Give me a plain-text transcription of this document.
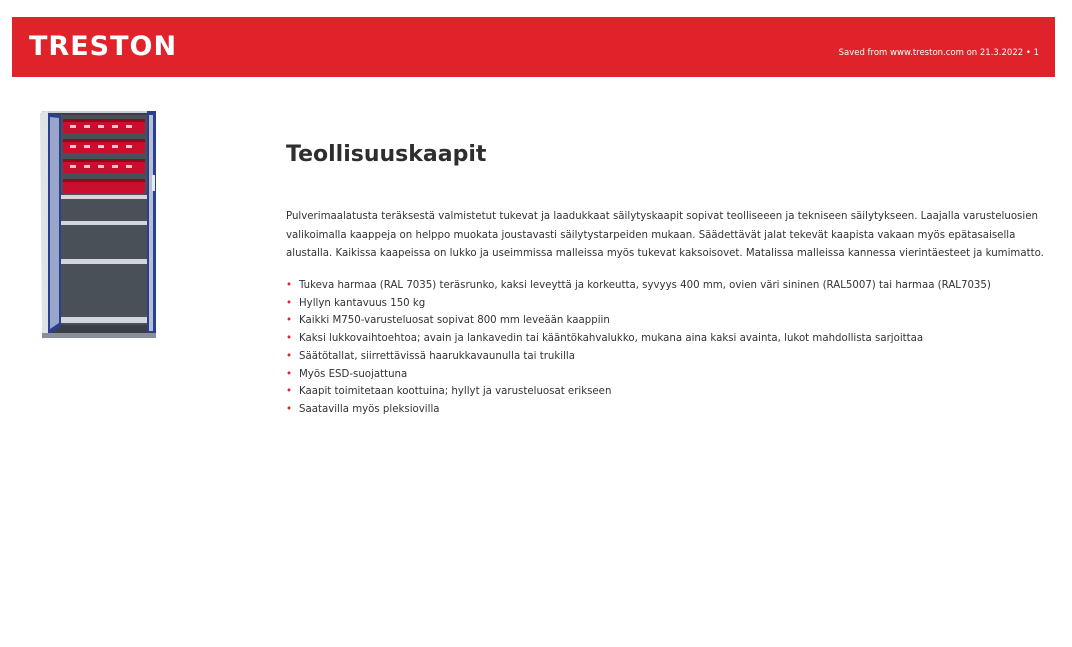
TRESTON	Saved from www.treston.com on 21.3.2022 • 1
Teollisuuskaapit

Pulverimaalatusta teräksestä valmistetut tukevat ja laadukkaat säilytyskaapit sopivat teolliseeen ja tekniseen säilytykseen. Laajalla varusteluosien valikoimalla kaappeja on helppo muokata joustavasti säilytystarpeiden mukaan. Säädettävät jalat tekevät kaapista vakaan myös epätasaisella alustalla. Kaikissa kaapeissa on lukko ja useimmissa malleissa myös tukevat kaksoisovet. Matalissa malleissa kannessa vierintäesteet ja kumimatto.

• Tukeva harmaa (RAL 7035) teräsrunko, kaksi leveyttä ja korkeutta, syvyys 400 mm, ovien väri sininen (RAL5007) tai harmaa (RAL7035)
• Hyllyn kantavuus 150 kg
• Kaikki M750-varusteluosat sopivat 800 mm leveään kaappiin
• Kaksi lukkovaihtoehtoa; avain ja lankavedin tai kääntökahvalukko, mukana aina kaksi avainta, lukot mahdollista sarjoittaa
• Säätötallat, siirrettävissä haarukkavaunulla tai trukilla
• Myös ESD-suojattuna
• Kaapit toimitetaan koottuina; hyllyt ja varusteluosat erikseen
• Saatavilla myös pleksiovilla
